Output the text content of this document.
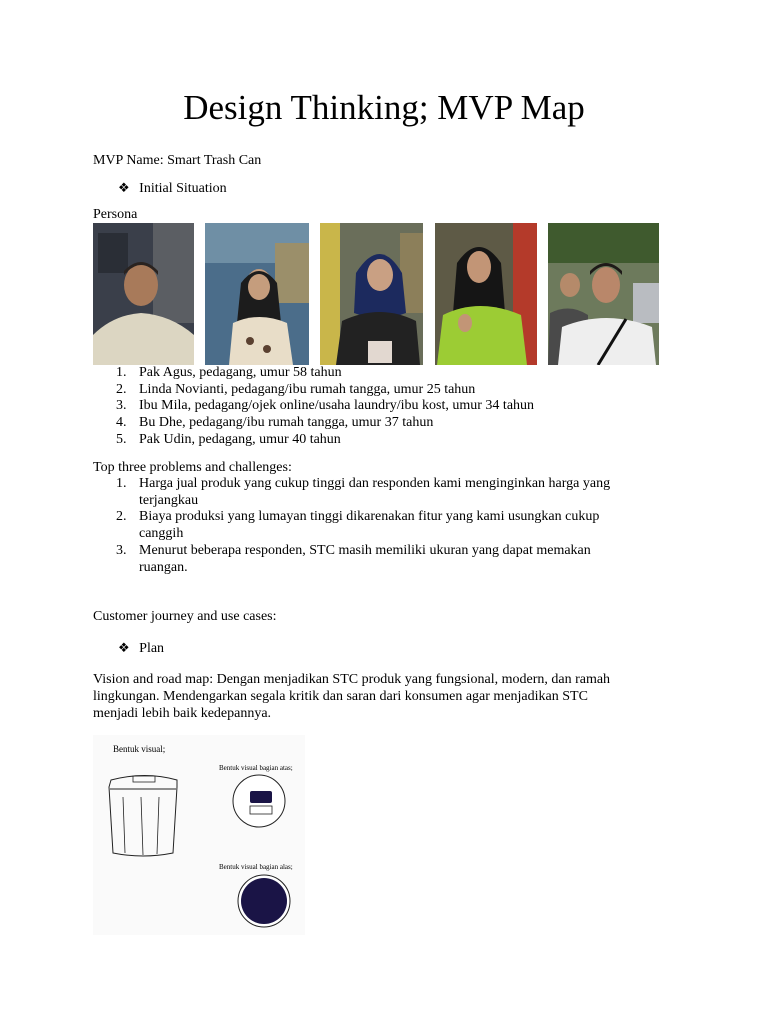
Design Thinking; MVP Map
MVP Name: Smart Trash Can
❖ Initial Situation
Persona
1. Pak Agus, pedagang, umur 58 tahun
2. Linda Novianti, pedagang/ibu rumah tangga, umur 25 tahun
3. Ibu Mila, pedagang/ojek online/usaha laundry/ibu kost, umur 34 tahun
4. Bu Dhe, pedagang/ibu rumah tangga, umur 37 tahun
5. Pak Udin, pedagang, umur 40 tahun
Top three problems and challenges:
1. Harga jual produk yang cukup tinggi dan responden kami menginginkan harga yang
terjangkau
2. Biaya produksi yang lumayan tinggi dikarenakan fitur yang kami usungkan cukup
canggih
3. Menurut beberapa responden, STC masih memiliki ukuran yang dapat memakan
ruangan.
Customer journey and use cases:
❖ Plan
Vision and road map: Dengan menjadikan STC produk yang fungsional, modern, dan ramah
lingkungan. Mendengarkan segala kritik dan saran dari konsumen agar menjadikan STC
menjadi lebih baik kedepannya.
Bentuk visual;
Bentuk visual bagian atas;
Bentuk visual bagian alas;
